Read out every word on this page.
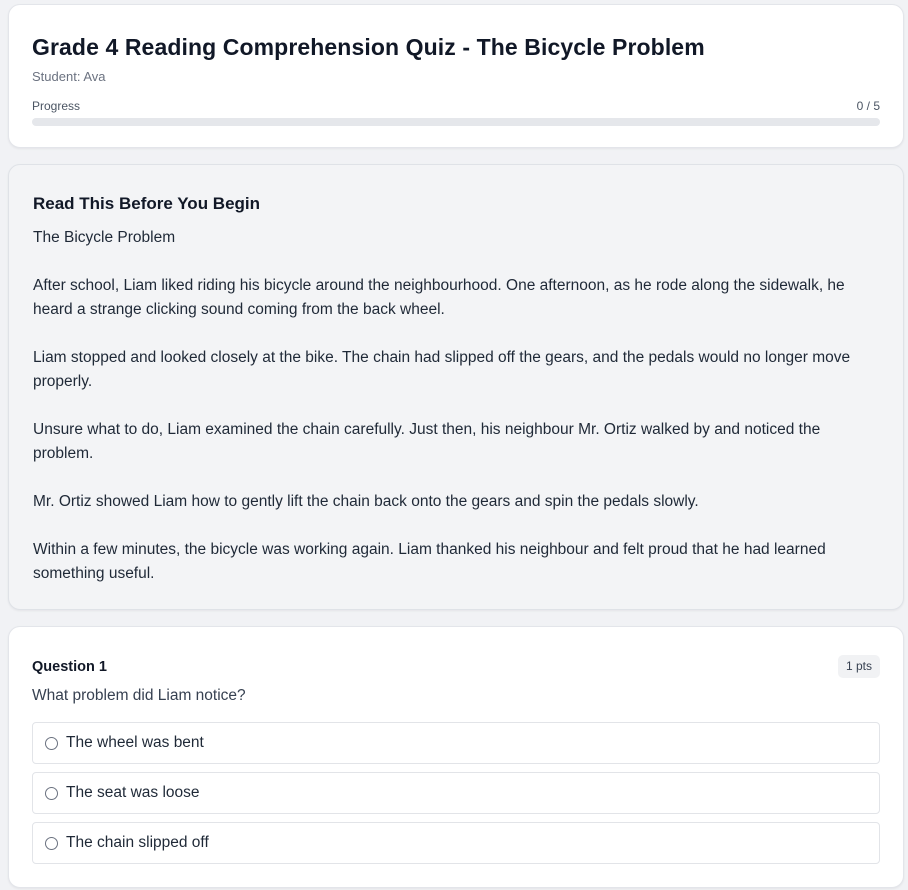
Grade 4 Reading Comprehension Quiz - The Bicycle Problem
Student: Ava
Progress	0 / 5
Read This Before You Begin

The Bicycle Problem

After school, Liam liked riding his bicycle around the neighbourhood. One afternoon, as he rode along the sidewalk, he heard a strange clicking sound coming from the back wheel.

Liam stopped and looked closely at the bike. The chain had slipped off the gears, and the pedals would no longer move properly.

Unsure what to do, Liam examined the chain carefully. Just then, his neighbour Mr. Ortiz walked by and noticed the problem.

Mr. Ortiz showed Liam how to gently lift the chain back onto the gears and spin the pedals slowly.

Within a few minutes, the bicycle was working again. Liam thanked his neighbour and felt proud that he had learned something useful.

Question 1	1 pts
What problem did Liam notice?
The wheel was bent
The seat was loose
The chain slipped off
